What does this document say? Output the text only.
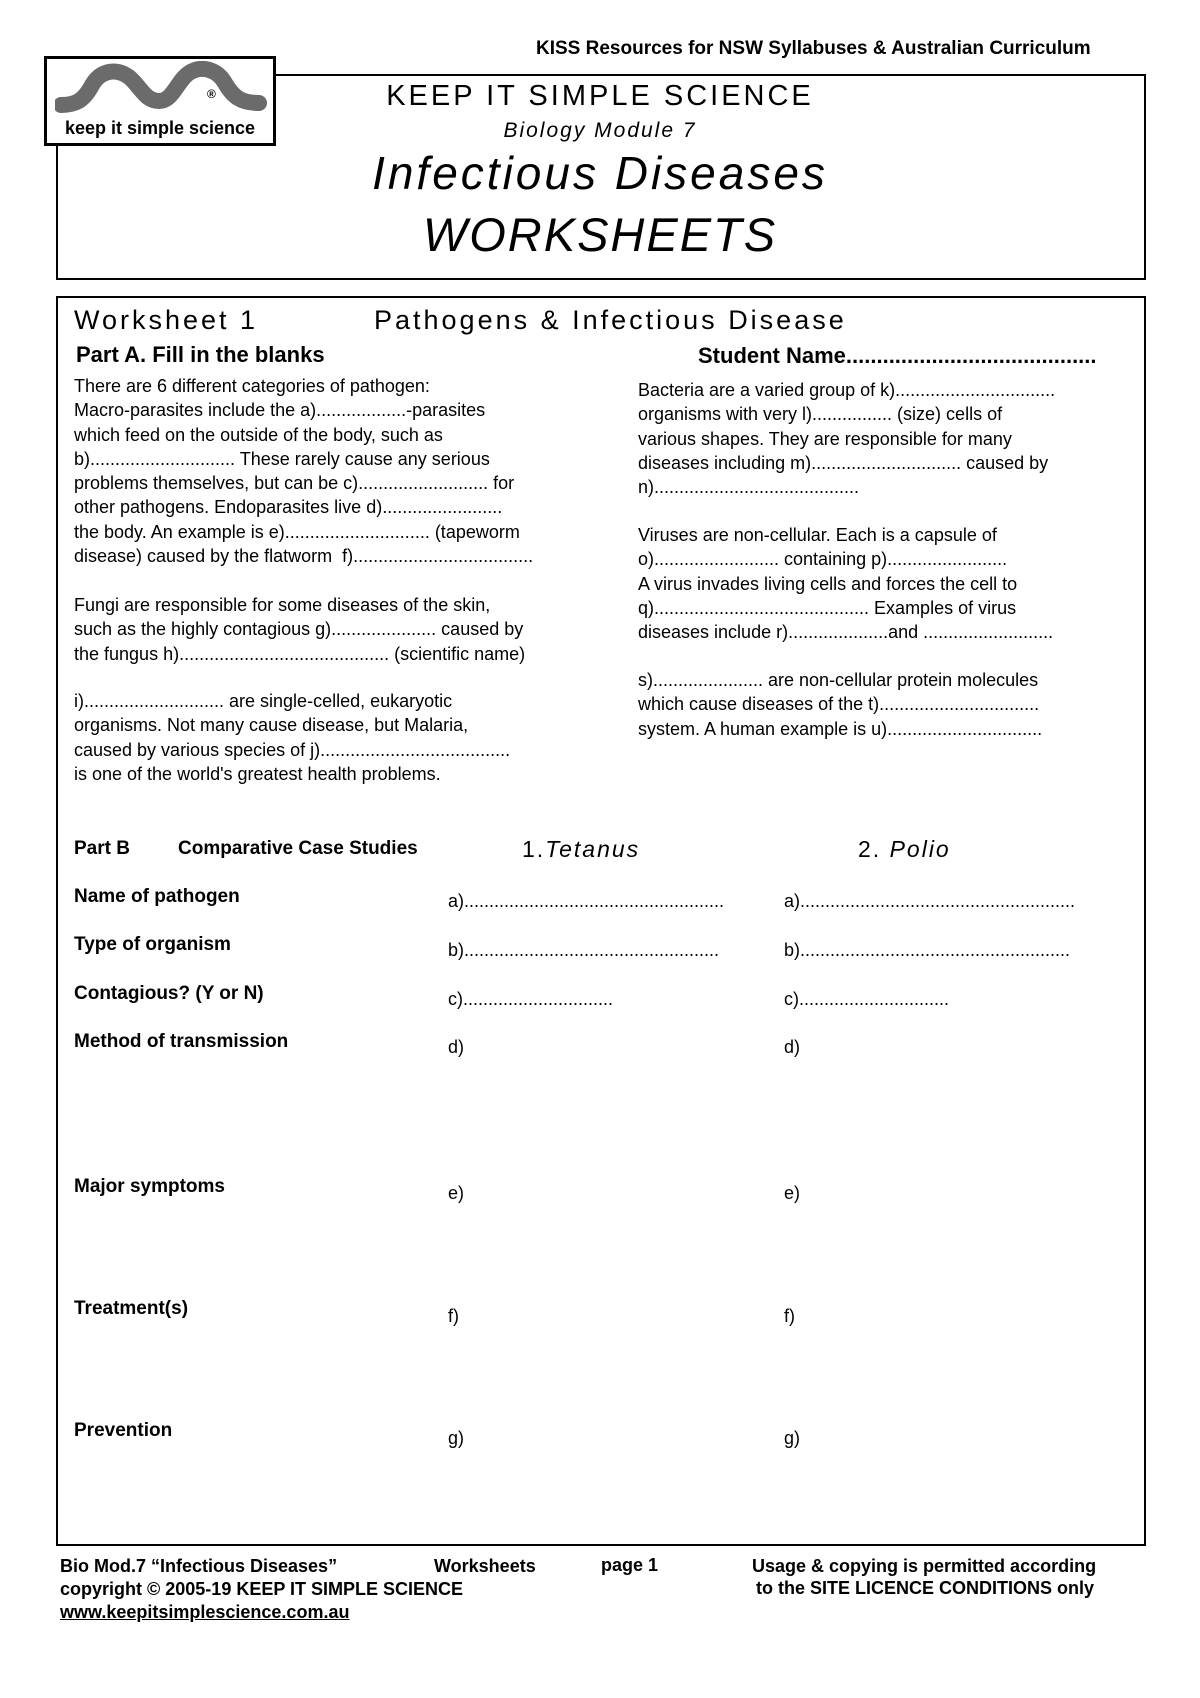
KISS Resources for NSW Syllabuses & Australian Curriculum
®
keep it simple science
KEEP IT SIMPLE SCIENCE
Biology Module 7
Infectious Diseases
WORKSHEETS
Worksheet 1	Pathogens & Infectious Disease
Part A. Fill in the blanks	Student Name.........................................
There are 6 different categories of pathogen:
Macro-parasites include the a)..................-parasites
which feed on the outside of the body, such as
b)............................. These rarely cause any serious
problems themselves, but can be c).......................... for
other pathogens. Endoparasites live d)........................
the body. An example is e)............................. (tapeworm
disease) caused by the flatworm  f)....................................
Fungi are responsible for some diseases of the skin,
such as the highly contagious g)..................... caused by
the fungus h).......................................... (scientific name)
i)............................ are single-celled, eukaryotic
organisms. Not many cause disease, but Malaria,
caused by various species of j)......................................
is one of the world's greatest health problems.
Bacteria are a varied group of k)................................
organisms with very l)................ (size) cells of
various shapes. They are responsible for many
diseases including m).............................. caused by
n).........................................
Viruses are non-cellular. Each is a capsule of
o)......................... containing p)........................
A virus invades living cells and forces the cell to
q)........................................... Examples of virus
diseases include r)....................and ..........................
s)...................... are non-cellular protein molecules
which cause diseases of the t)................................
system. A human example is u)...............................
Part B	Comparative Case Studies	1.Tetanus	2. Polio
Name of pathogen	a)....................................................	a).......................................................
Type of organism	b)...................................................	b)......................................................
Contagious? (Y or N)	c)..............................	c)..............................
Method of transmission	d)	d)
Major symptoms	e)	e)
Treatment(s)	f)	f)
Prevention	g)	g)
Bio Mod.7 “Infectious Diseases”	Worksheets	page 1	Usage & copying is permitted according
to the SITE LICENCE CONDITIONS only
copyright © 2005-19 KEEP IT SIMPLE SCIENCE
www.keepitsimplescience.com.au
